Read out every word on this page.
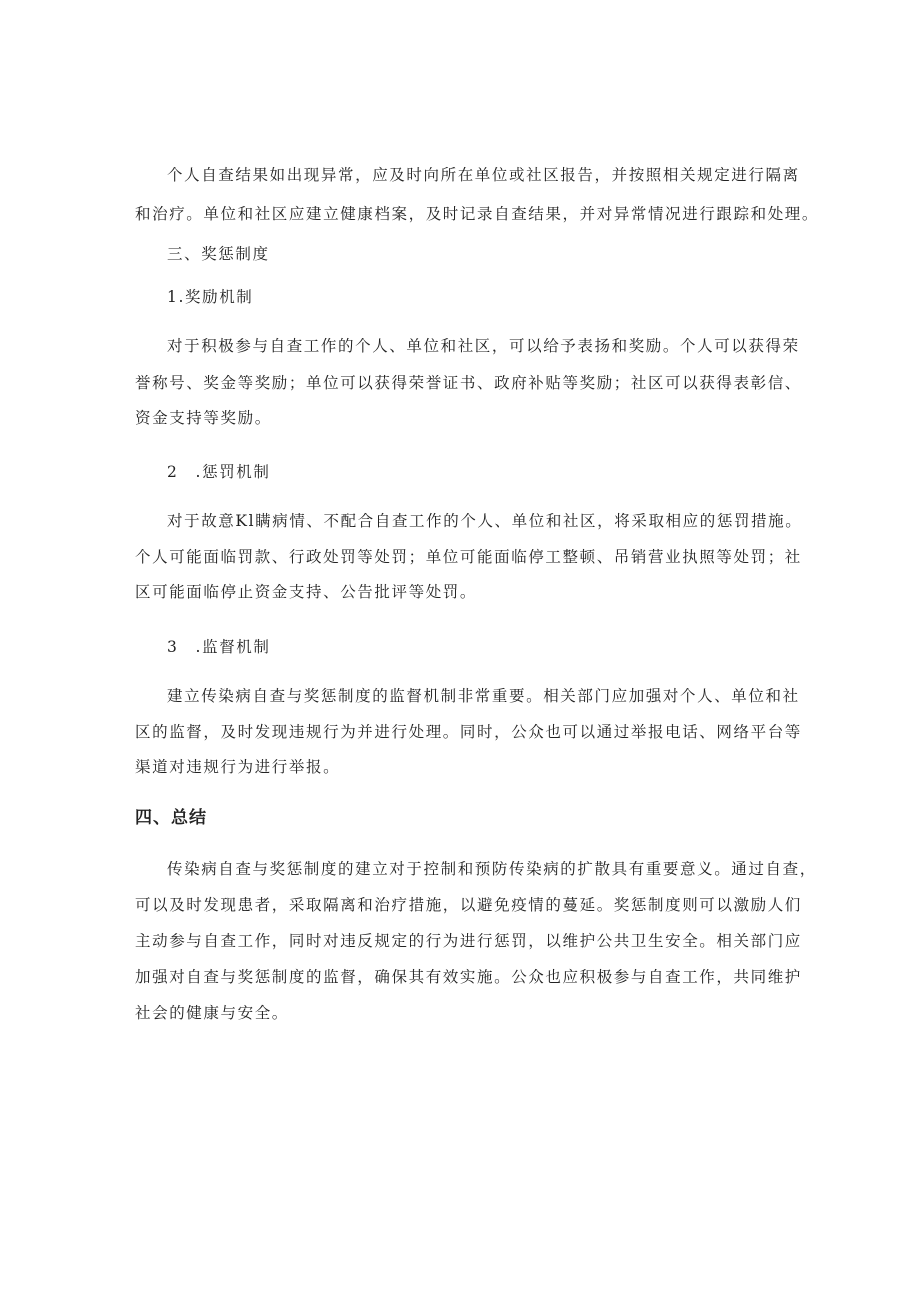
个人自查结果如出现异常，应及时向所在单位或社区报告，并按照相关规定进行隔离
和治疗。单位和社区应建立健康档案，及时记录自查结果，并对异常情况进行跟踪和处理。
三、奖惩制度
1.奖励机制
对于积极参与自查工作的个人、单位和社区，可以给予表扬和奖励。个人可以获得荣
誉称号、奖金等奖励；单位可以获得荣誉证书、政府补贴等奖励；社区可以获得表彰信、
资金支持等奖励。
2　.惩罚机制
对于故意Kl瞒病情、不配合自查工作的个人、单位和社区，将采取相应的惩罚措施。
个人可能面临罚款、行政处罚等处罚；单位可能面临停工整顿、吊销营业执照等处罚；社
区可能面临停止资金支持、公告批评等处罚。
3　.监督机制
建立传染病自查与奖惩制度的监督机制非常重要。相关部门应加强对个人、单位和社
区的监督，及时发现违规行为并进行处理。同时，公众也可以通过举报电话、网络平台等
渠道对违规行为进行举报。
四、总结
传染病自查与奖惩制度的建立对于控制和预防传染病的扩散具有重要意义。通过自查，
可以及时发现患者，采取隔离和治疗措施，以避免疫情的蔓延。奖惩制度则可以激励人们
主动参与自查工作，同时对违反规定的行为进行惩罚，以维护公共卫生安全。相关部门应
加强对自查与奖惩制度的监督，确保其有效实施。公众也应积极参与自查工作，共同维护
社会的健康与安全。
